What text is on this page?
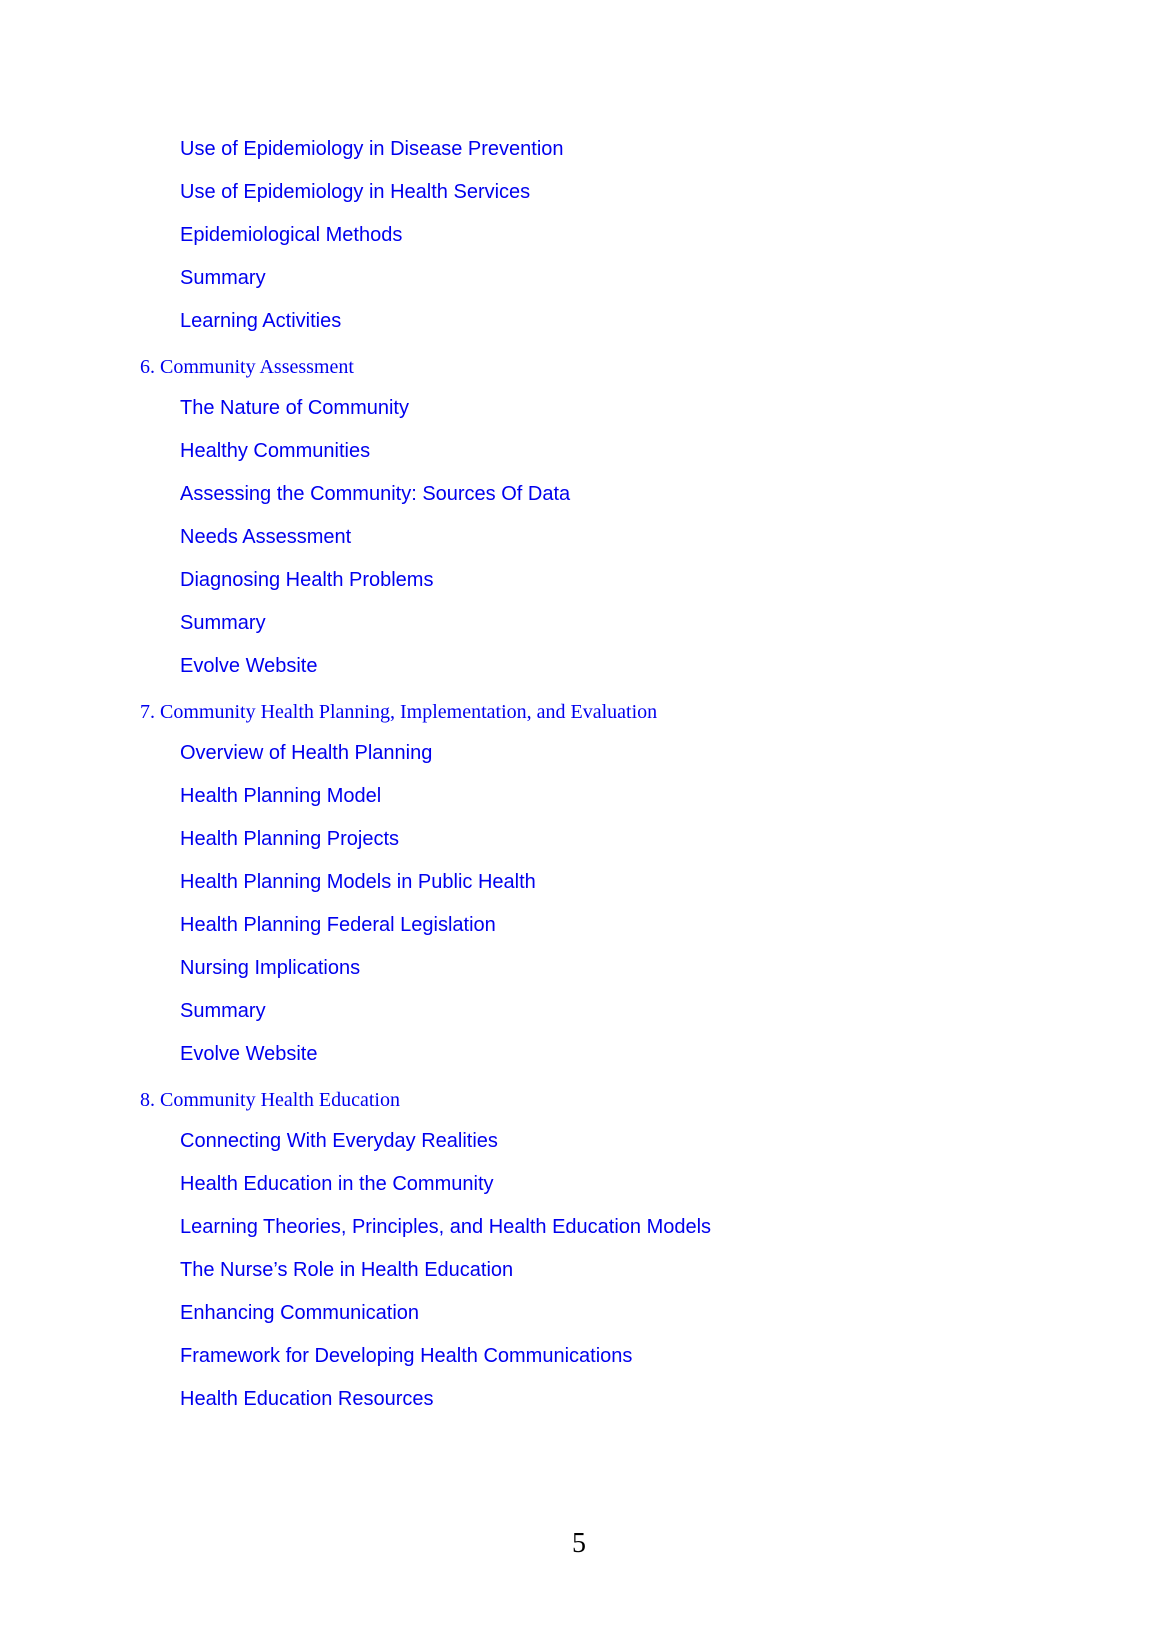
Use of Epidemiology in Disease Prevention
Use of Epidemiology in Health Services
Epidemiological Methods
Summary
Learning Activities
6. Community Assessment
The Nature of Community
Healthy Communities
Assessing the Community: Sources Of Data
Needs Assessment
Diagnosing Health Problems
Summary
Evolve Website
7. Community Health Planning, Implementation, and Evaluation
Overview of Health Planning
Health Planning Model
Health Planning Projects
Health Planning Models in Public Health
Health Planning Federal Legislation
Nursing Implications
Summary
Evolve Website
8. Community Health Education
Connecting With Everyday Realities
Health Education in the Community
Learning Theories, Principles, and Health Education Models
The Nurse’s Role in Health Education
Enhancing Communication
Framework for Developing Health Communications
Health Education Resources
5
